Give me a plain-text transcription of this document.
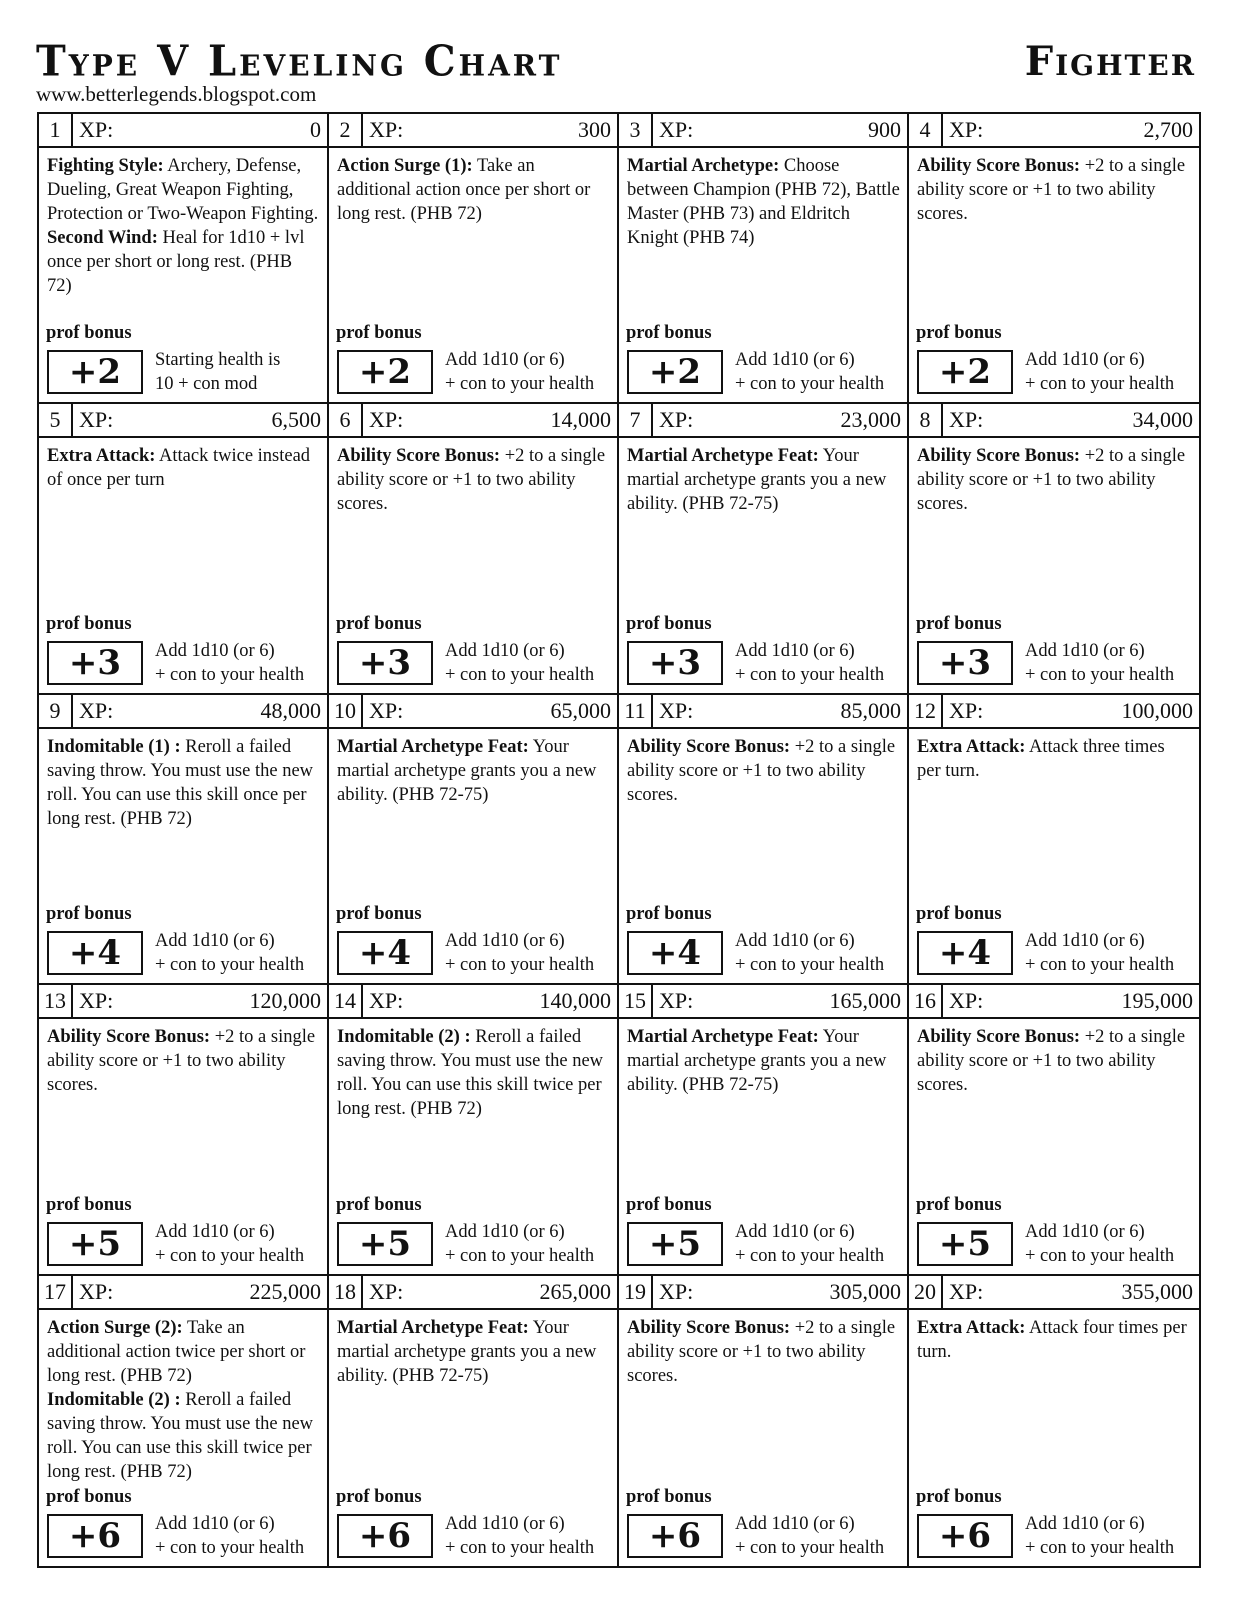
Type V Leveling Chart	Fighter
www.betterlegends.blogspot.com
1 XP:	0
Fighting Style: Archery, Defense, Dueling, Great Weapon Fighting, Protection or Two-Weapon Fighting.
Second Wind: Heal for 1d10 + lvl once per short or long rest. (PHB 72)
prof bonus
+2	Starting health is
10 + con mod
2 XP:	300
Action Surge (1): Take an additional action once per short or long rest. (PHB 72)
prof bonus
+2	Add 1d10 (or 6)
+ con to your health
3 XP:	900
Martial Archetype: Choose between Champion (PHB 72), Battle Master (PHB 73) and Eldritch Knight (PHB 74)
prof bonus
+2	Add 1d10 (or 6)
+ con to your health
4 XP:	2,700
Ability Score Bonus: +2 to a single ability score or +1 to two ability scores.
prof bonus
+2	Add 1d10 (or 6)
+ con to your health
5 XP:	6,500
Extra Attack: Attack twice instead of once per turn
prof bonus
+3	Add 1d10 (or 6)
+ con to your health
6 XP:	14,000
Ability Score Bonus: +2 to a single ability score or +1 to two ability scores.
prof bonus
+3	Add 1d10 (or 6)
+ con to your health
7 XP:	23,000
Martial Archetype Feat: Your martial archetype grants you a new ability. (PHB 72-75)
prof bonus
+3	Add 1d10 (or 6)
+ con to your health
8 XP:	34,000
Ability Score Bonus: +2 to a single ability score or +1 to two ability scores.
prof bonus
+3	Add 1d10 (or 6)
+ con to your health
9 XP:	48,000
Indomitable (1) : Reroll a failed saving throw. You must use the new roll. You can use this skill once per long rest. (PHB 72)
prof bonus
+4	Add 1d10 (or 6)
+ con to your health
10 XP:	65,000
Martial Archetype Feat: Your martial archetype grants you a new ability. (PHB 72-75)
prof bonus
+4	Add 1d10 (or 6)
+ con to your health
11 XP:	85,000
Ability Score Bonus: +2 to a single ability score or +1 to two ability scores.
prof bonus
+4	Add 1d10 (or 6)
+ con to your health
12 XP:	100,000
Extra Attack: Attack three times per turn.
prof bonus
+4	Add 1d10 (or 6)
+ con to your health
13 XP:	120,000
Ability Score Bonus: +2 to a single ability score or +1 to two ability scores.
prof bonus
+5	Add 1d10 (or 6)
+ con to your health
14 XP:	140,000
Indomitable (2) : Reroll a failed saving throw. You must use the new roll. You can use this skill twice per long rest. (PHB 72)
prof bonus
+5	Add 1d10 (or 6)
+ con to your health
15 XP:	165,000
Martial Archetype Feat: Your martial archetype grants you a new ability. (PHB 72-75)
prof bonus
+5	Add 1d10 (or 6)
+ con to your health
16 XP:	195,000
Ability Score Bonus: +2 to a single ability score or +1 to two ability scores.
prof bonus
+5	Add 1d10 (or 6)
+ con to your health
17 XP:	225,000
Action Surge (2): Take an additional action twice per short or long rest. (PHB 72)
Indomitable (2) : Reroll a failed saving throw. You must use the new roll. You can use this skill twice per long rest. (PHB 72)
prof bonus
+6	Add 1d10 (or 6)
+ con to your health
18 XP:	265,000
Martial Archetype Feat: Your martial archetype grants you a new ability. (PHB 72-75)
prof bonus
+6	Add 1d10 (or 6)
+ con to your health
19 XP:	305,000
Ability Score Bonus: +2 to a single ability score or +1 to two ability scores.
prof bonus
+6	Add 1d10 (or 6)
+ con to your health
20 XP:	355,000
Extra Attack: Attack four times per turn.
prof bonus
+6	Add 1d10 (or 6)
+ con to your health
